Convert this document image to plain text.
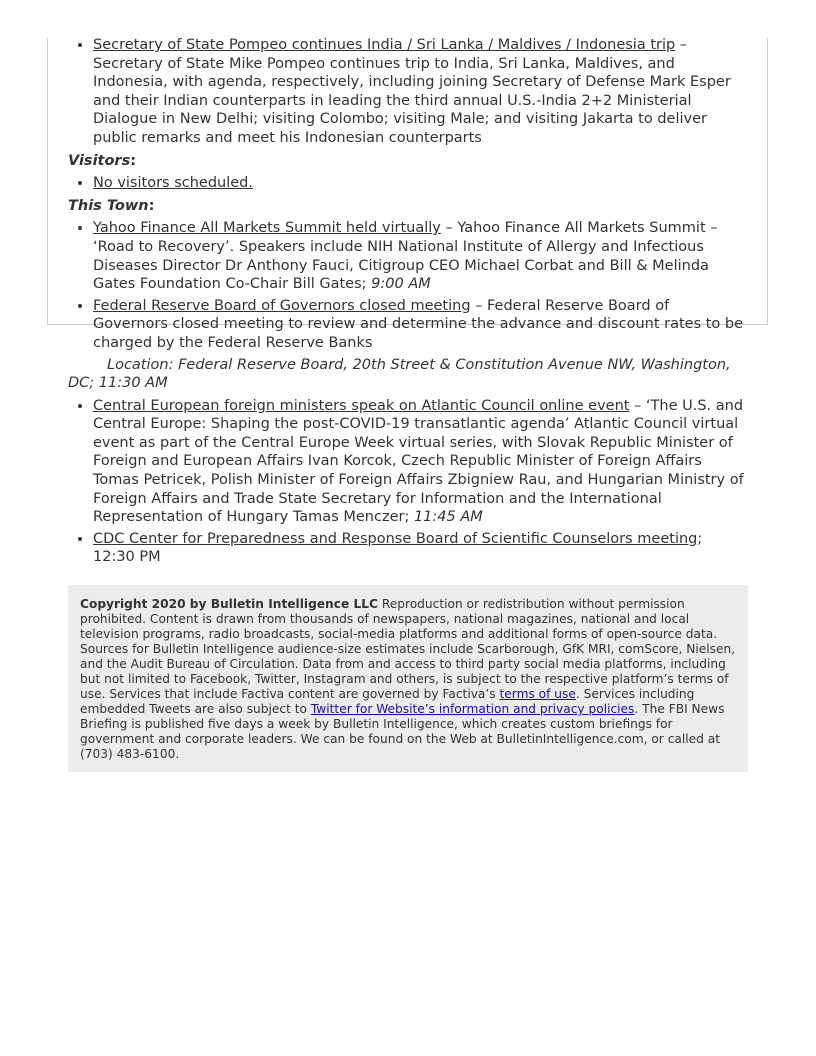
• Secretary of State Pompeo continues India / Sri Lanka / Maldives / Indonesia trip – Secretary of State Mike Pompeo continues trip to India, Sri Lanka, Maldives, and Indonesia, with agenda, respectively, including joining Secretary of Defense Mark Esper and their Indian counterparts in leading the third annual U.S.-India 2+2 Ministerial Dialogue in New Delhi; visiting Colombo; visiting Male; and visiting Jakarta to deliver public remarks and meet his Indonesian counterparts
Visitors:
• No visitors scheduled.
This Town:
• Yahoo Finance All Markets Summit held virtually – Yahoo Finance All Markets Summit – ‘Road to Recovery’. Speakers include NIH National Institute of Allergy and Infectious Diseases Director Dr Anthony Fauci, Citigroup CEO Michael Corbat and Bill & Melinda Gates Foundation Co-Chair Bill Gates; 9:00 AM
• Federal Reserve Board of Governors closed meeting – Federal Reserve Board of Governors closed meeting to review and determine the advance and discount rates to be charged by the Federal Reserve Banks
Location: Federal Reserve Board, 20th Street & Constitution Avenue NW, Washington, DC; 11:30 AM
• Central European foreign ministers speak on Atlantic Council online event – ‘The U.S. and Central Europe: Shaping the post-COVID-19 transatlantic agenda’ Atlantic Council virtual event as part of the Central Europe Week virtual series, with Slovak Republic Minister of Foreign and European Affairs Ivan Korcok, Czech Republic Minister of Foreign Affairs Tomas Petricek, Polish Minister of Foreign Affairs Zbigniew Rau, and Hungarian Ministry of Foreign Affairs and Trade State Secretary for Information and the International Representation of Hungary Tamas Menczer; 11:45 AM
• CDC Center for Preparedness and Response Board of Scientific Counselors meeting; 12:30 PM
Copyright 2020 by Bulletin Intelligence LLC Reproduction or redistribution without permission prohibited. Content is drawn from thousands of newspapers, national magazines, national and local television programs, radio broadcasts, social-media platforms and additional forms of open-source data. Sources for Bulletin Intelligence audience-size estimates include Scarborough, GfK MRI, comScore, Nielsen, and the Audit Bureau of Circulation. Data from and access to third party social media platforms, including but not limited to Facebook, Twitter, Instagram and others, is subject to the respective platform’s terms of use. Services that include Factiva content are governed by Factiva’s terms of use. Services including embedded Tweets are also subject to Twitter for Website’s information and privacy policies. The FBI News Briefing is published five days a week by Bulletin Intelligence, which creates custom briefings for government and corporate leaders. We can be found on the Web at BulletinIntelligence.com, or called at (703) 483-6100.
